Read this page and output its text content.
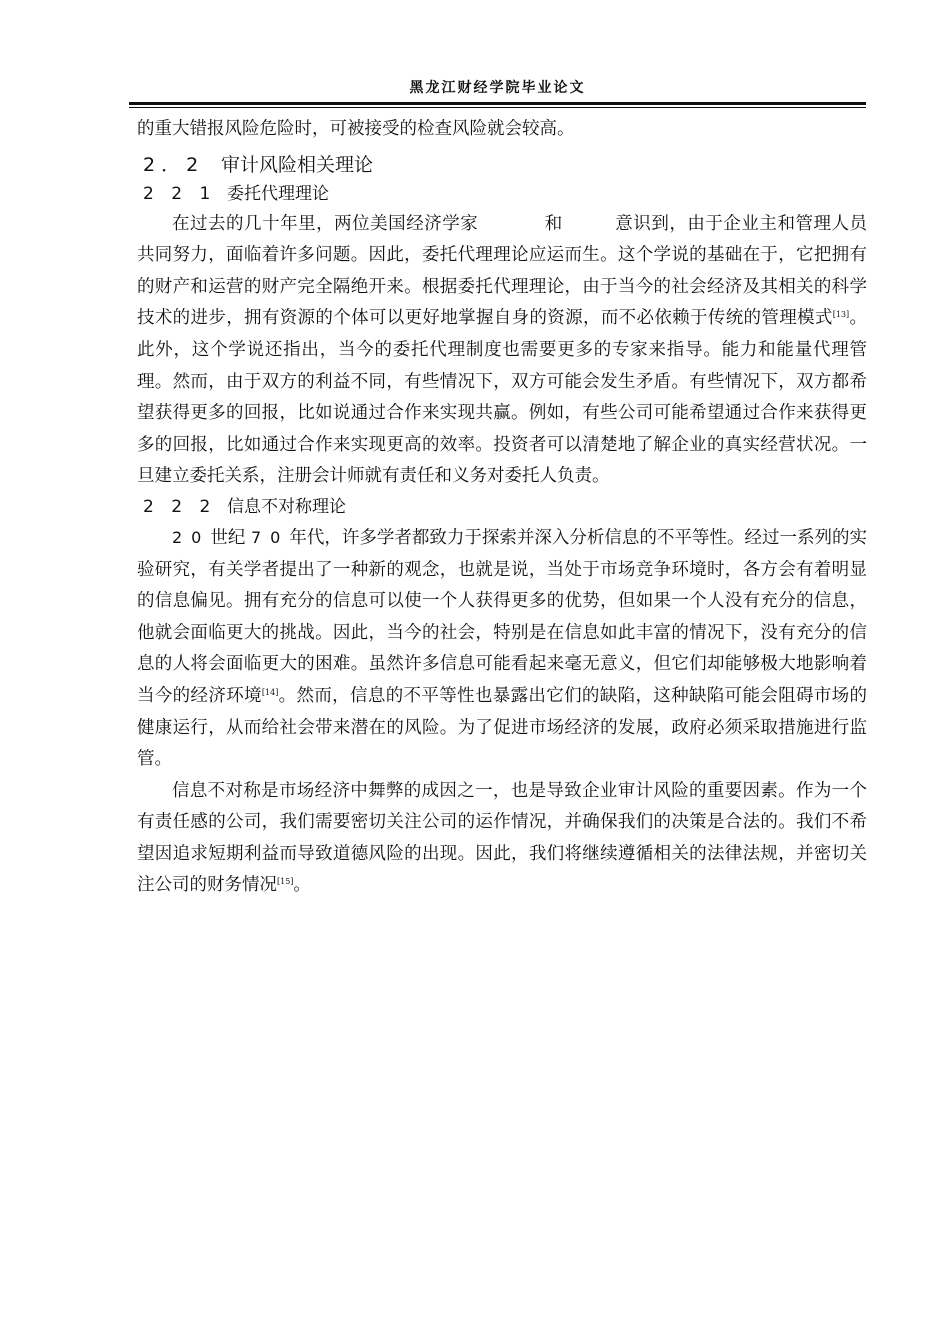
黑龙江财经学院毕业论文

的重大错报风险危险时，可被接受的检查风险就会较高。

2．2 审计风险相关理论
2 2 1 委托代理理论

在过去的几十年里，两位美国经济学家	和	意识到，由于企业主和管理人员共同努力，面临着许多问题。因此，委托代理理论应运而生。这个学说的基础在于，它把拥有的财产和运营的财产完全隔绝开来。根据委托代理理论，由于当今的社会经济及其相关的科学技术的进步，拥有资源的个体可以更好地掌握自身的资源，而不必依赖于传统的管理模式[13]。此外，这个学说还指出，当今的委托代理制度也需要更多的专家来指导。能力和能量代理管理。然而，由于双方的利益不同，有些情况下，双方可能会发生矛盾。有些情况下，双方都希望获得更多的回报，比如说通过合作来实现共赢。例如，有些公司可能希望通过合作来获得更多的回报，比如通过合作来实现更高的效率。投资者可以清楚地了解企业的真实经营状况。一旦建立委托关系，注册会计师就有责任和义务对委托人负责。

2 2 2 信息不对称理论

20世纪 70年代，许多学者都致力于探索并深入分析信息的不平等性。经过一系列的实验研究，有关学者提出了一种新的观念，也就是说，当处于市场竞争环境时，各方会有着明显的信息偏见。拥有充分的信息可以使一个人获得更多的优势，但如果一个人没有充分的信息，他就会面临更大的挑战。因此，当今的社会，特别是在信息如此丰富的情况下，没有充分的信息的人将会面临更大的困难。虽然许多信息可能看起来毫无意义，但它们却能够极大地影响着当今的经济环境[14]。然而，信息的不平等性也暴露出它们的缺陷，这种缺陷可能会阻碍市场的健康运行，从而给社会带来潜在的风险。为了促进市场经济的发展，政府必须采取措施进行监管。

信息不对称是市场经济中舞弊的成因之一，也是导致企业审计风险的重要因素。作为一个有责任感的公司，我们需要密切关注公司的运作情况，并确保我们的决策是合法的。我们不希望因追求短期利益而导致道德风险的出现。因此，我们将继续遵循相关的法律法规，并密切关注公司的财务情况[15]。
